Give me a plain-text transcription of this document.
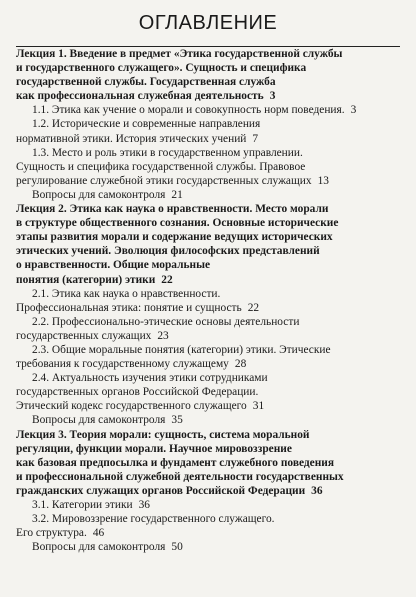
ОГЛАВЛЕНИЕ
Лекция 1. Введение в предмет «Этика государственной службы
и государственного служащего». Сущность и специфика
государственной службы. Государственная служба
как профессиональная служебная деятельность 3
1.1. Этика как учение о морали и совокупность норм поведения. 3
1.2. Исторические и современные направления
нормативной этики. История этических учений 7
1.3. Место и роль этики в государственном управлении.
Сущность и специфика государственной службы. Правовое
регулирование служебной этики государственных служащих 13
Вопросы для самоконтроля 21
Лекция 2. Этика как наука о нравственности. Место морали
в структуре общественного сознания. Основные исторические
этапы развития морали и содержание ведущих исторических
этических учений. Эволюция философских представлений
о нравственности. Общие моральные
понятия (категории) этики 22
2.1. Этика как наука о нравственности.
Профессиональная этика: понятие и сущность 22
2.2. Профессионально-этические основы деятельности
государственных служащих 23
2.3. Общие моральные понятия (категории) этики. Этические
требования к государственному служащему 28
2.4. Актуальность изучения этики сотрудниками
государственных органов Российской Федерации.
Этический кодекс государственного служащего 31
Вопросы для самоконтроля 35
Лекция 3. Теория морали: сущность, система моральной
регуляции, функции морали. Научное мировоззрение
как базовая предпосылка и фундамент служебного поведения
и профессиональной служебной деятельности государственных
гражданских служащих органов Российской Федерации 36
3.1. Категории этики 36
3.2. Мировоззрение государственного служащего.
Его структура. 46
Вопросы для самоконтроля 50
